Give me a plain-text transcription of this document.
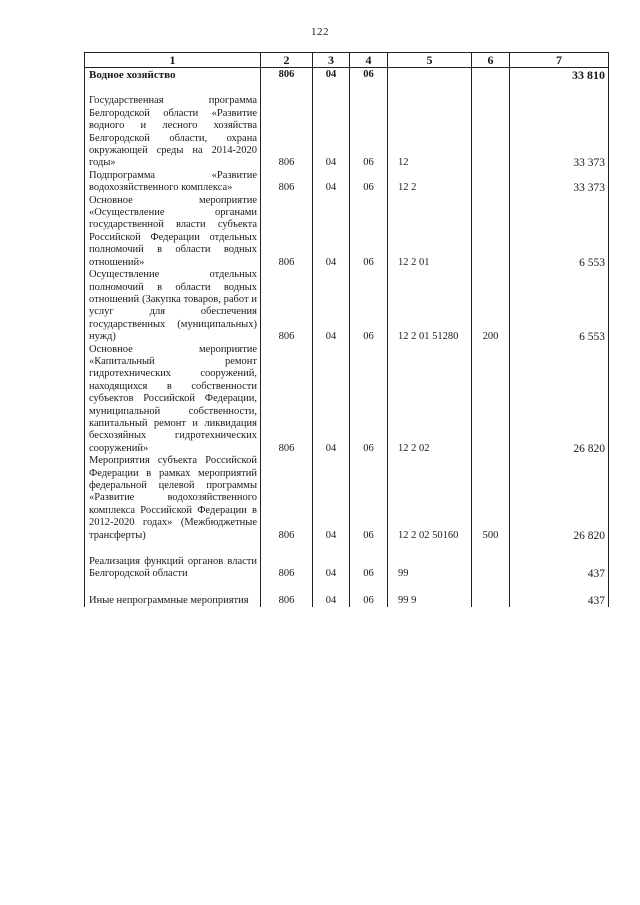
122
1	2	3	4	5	6	7
Водное хозяйство	806	04	06			33 810

Государственная программа Белгородской области «Развитие водного и лесного хозяйства Белгородской области, охрана окружающей среды на 2014-2020 годы»	806	04	06	12		33 373
Подпрограмма «Развитие водохозяйственного комплекса»	806	04	06	12 2		33 373
Основное мероприятие «Осуществление органами государственной власти субъекта Российской Федерации отдельных полномочий в области водных отношений»	806	04	06	12 2 01		6 553
Осуществление отдельных полномочий в области водных отношений (Закупка товаров, работ и услуг для обеспечения государственных (муниципальных) нужд)	806	04	06	12 2 01 51280	200	6 553
Основное мероприятие «Капитальный ремонт гидротехнических сооружений, находящихся в собственности субъектов Российской Федерации, муниципальной собственности, капитальный ремонт и ликвидация бесхозяйных гидротехнических сооружений»	806	04	06	12 2 02		26 820
Мероприятия субъекта Российской Федерации в рамках мероприятий федеральной целевой программы «Развитие водохозяйственного комплекса Российской Федерации в 2012-2020 годах» (Межбюджетные трансферты)	806	04	06	12 2 02 50160	500	26 820

Реализация функций органов власти Белгородской области	806	04	06	99		437

Иные непрограммные мероприятия	806	04	06	99 9		437
